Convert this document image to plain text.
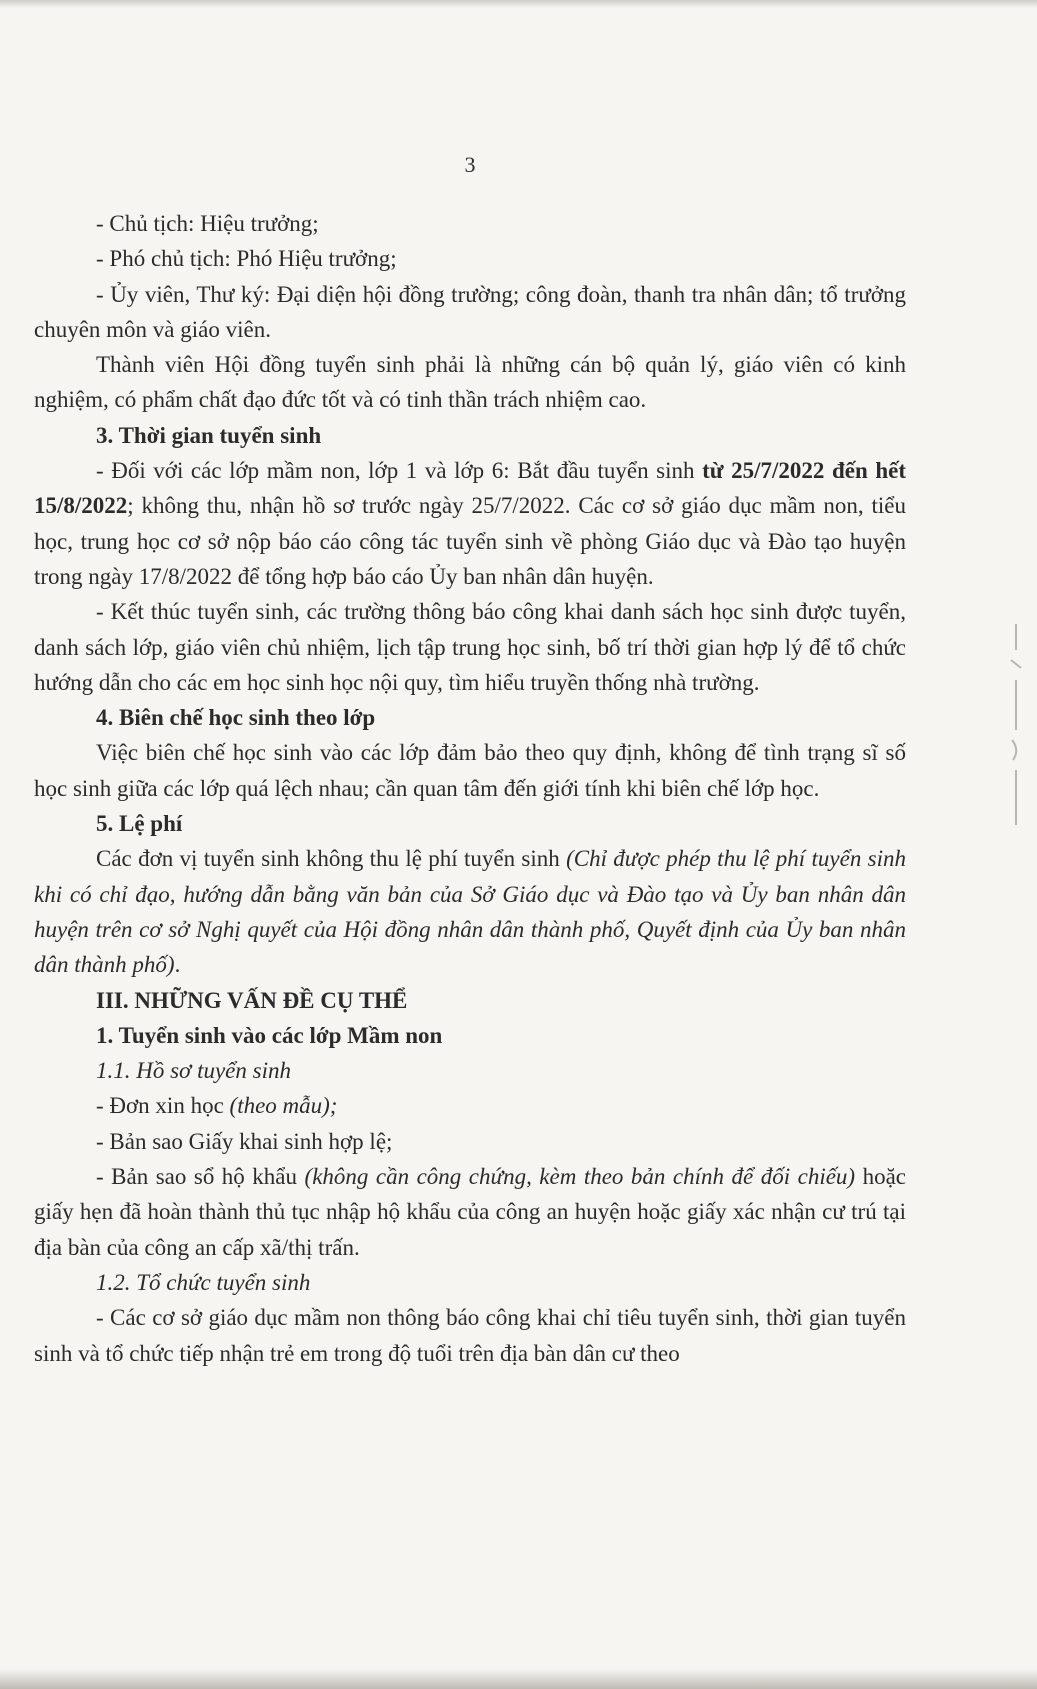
3

- Chủ tịch: Hiệu trưởng;

- Phó chủ tịch: Phó Hiệu trưởng;

- Ủy viên, Thư ký: Đại diện hội đồng trường; công đoàn, thanh tra nhân dân; tổ trưởng chuyên môn và giáo viên.

Thành viên Hội đồng tuyển sinh phải là những cán bộ quản lý, giáo viên có kinh nghiệm, có phẩm chất đạo đức tốt và có tinh thần trách nhiệm cao.

3. Thời gian tuyển sinh

- Đối với các lớp mầm non, lớp 1 và lớp 6: Bắt đầu tuyển sinh từ 25/7/2022 đến hết 15/8/2022; không thu, nhận hồ sơ trước ngày 25/7/2022. Các cơ sở giáo dục mầm non, tiểu học, trung học cơ sở nộp báo cáo công tác tuyển sinh về phòng Giáo dục và Đào tạo huyện trong ngày 17/8/2022 để tổng hợp báo cáo Ủy ban nhân dân huyện.

- Kết thúc tuyển sinh, các trường thông báo công khai danh sách học sinh được tuyển, danh sách lớp, giáo viên chủ nhiệm, lịch tập trung học sinh, bố trí thời gian hợp lý để tổ chức hướng dẫn cho các em học sinh học nội quy, tìm hiểu truyền thống nhà trường.

4. Biên chế học sinh theo lớp

Việc biên chế học sinh vào các lớp đảm bảo theo quy định, không để tình trạng sĩ số học sinh giữa các lớp quá lệch nhau; cần quan tâm đến giới tính khi biên chế lớp học.

5. Lệ phí

Các đơn vị tuyển sinh không thu lệ phí tuyển sinh (Chỉ được phép thu lệ phí tuyển sinh khi có chỉ đạo, hướng dẫn bằng văn bản của Sở Giáo dục và Đào tạo và Ủy ban nhân dân huyện trên cơ sở Nghị quyết của Hội đồng nhân dân thành phố, Quyết định của Ủy ban nhân dân thành phố).

III. NHỮNG VẤN ĐỀ CỤ THỂ

1. Tuyển sinh vào các lớp Mầm non

1.1. Hồ sơ tuyển sinh

- Đơn xin học (theo mẫu);

- Bản sao Giấy khai sinh hợp lệ;

- Bản sao sổ hộ khẩu (không cần công chứng, kèm theo bản chính để đối chiếu) hoặc giấy hẹn đã hoàn thành thủ tục nhập hộ khẩu của công an huyện hoặc giấy xác nhận cư trú tại địa bàn của công an cấp xã/thị trấn.

1.2. Tổ chức tuyển sinh

- Các cơ sở giáo dục mầm non thông báo công khai chỉ tiêu tuyển sinh, thời gian tuyển sinh và tổ chức tiếp nhận trẻ em trong độ tuổi trên địa bàn dân cư theo
